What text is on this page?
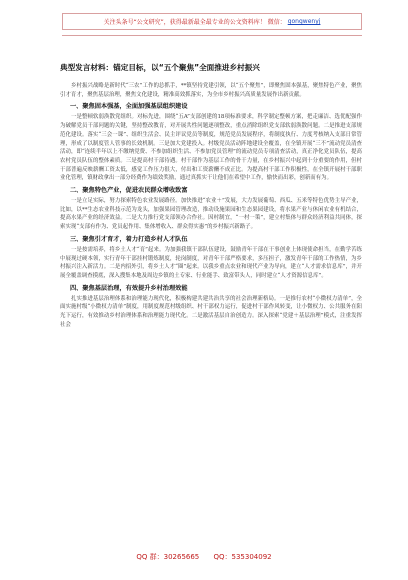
关注头条号“公文研究”，获得最新最全最专业的公文资料库！ 微信： gongwenyj
典型发言材料：锚定目标，以“五个聚焦”全面推进乡村振兴

乡村振兴战略是新时代“三农”工作的总抓手，**镇坚持党建引领，以“五个聚焦”，即聚焦固本强基，聚焦特色产业，聚焦引才育才，聚焦基层治理，聚焦文化建设，精准高效抓落实，为全市乡村振兴高质量发展作出新贡献。

一、聚焦固本强基，全面加强基层组织建设

一是整顿软弱涣散党组织。对标先进，围绕“五A”支部创建的18项标准要求，科学制定整顿方案，把走廉洁、选优配强作为破解党员干部问题的关键，坚持整改教育，对开展共性问题逐项整改，重点消除组织党支部软弱涣散问题。二是推进支部规范化建设。落实“三会一课”、组织生活会、民主评议党员等制度，规范党员发展程序，将制度执行、力度考核纳入支部日常管理，形成了以制度管人管事的长效机制。三是加大党建投入。村级党员活动阵地建设全覆盖，在全镇开展“三不”流动党员清查活动，即“连续半年以上不缴纳党费、不参加组织生活、不参加党员管理”的流动党员专项清查活动，真正净化党员队伍，提高农村党员队伍的整体素质。三是提高村干部待遇。村干部作为基层工作的骨干力量，在乡村振兴中起到十分重要的作用，但村干部普遍反映薪酬工资太低，感觉工作压力很大，付出和工资薪酬不成正比。为提高村干部工作积极性，在全镇开展村干部职业化管理，镇财政拿出一部分经费作为绩效奖励，通过真抓实干让他们在希望中工作，愉快而出彩，创新而有为。

二、聚焦特色产业，促进农民群众增收致富

一是立足实际，努力探索特色农业发展路径。加快推进“农业＋”发展，大力发展葡萄、西瓜、五米等特色优势主导产业，比如，以**生态农业科技示范为龙头，加强果园管理改造，推动设施果园和生态果园建设，将水果产业与休闲农业有机结合，提高水果产业的经济效益。二是大力推行党支部领办合作社。因村制宜，“一村一策”，建立村集体与群众经济利益共同体，探索实现“支部有作为、党员起作用、集体增收入、群众得实惠”的乡村振兴新路子。

三、聚焦引才育才，着力打造乡村人才队伍

一是按需培养，将乡土人才“育”起来。为加强我镇干部队伍建设，鼓励青年干部在干事创业上体现使命担当，在勤学苦练中展现过硬本领，实行青年干部挂村锻炼制度，轮岗制度，对青年干部严格要求，多压担子，激发青年干部的工作热情，为乡村振兴注入新活力。二是内招外引，将乡土人才“圈”起来。以我乡重点农业和现代产业为导向，建立“人才需求信息库”，并开展全覆盖调查摸底，深入搜集本地及周边乡镇的土专家、行业能手、致富带头人，同时建立“人才资源信息库”。

四、聚焦基层治理，有效提升乡村治理效能

扎实推进基层治理体系和治理能力现代化，积极构建共建共治共享的社会治理新格局。一是推行农村“小微权力清单”，全面实施村级“小微权力清单”制度，用制度规范村级组织、村干部权力运行，促进村干部作风转变，让小微权力、公共服务在阳光下运行，有效推动乡村治理体系和治理能力现代化。二是激活基层自治创造力。深入探索“党建＋基层治理”模式，注重发挥社会

QQ 群：30265665 QQ：535304092
